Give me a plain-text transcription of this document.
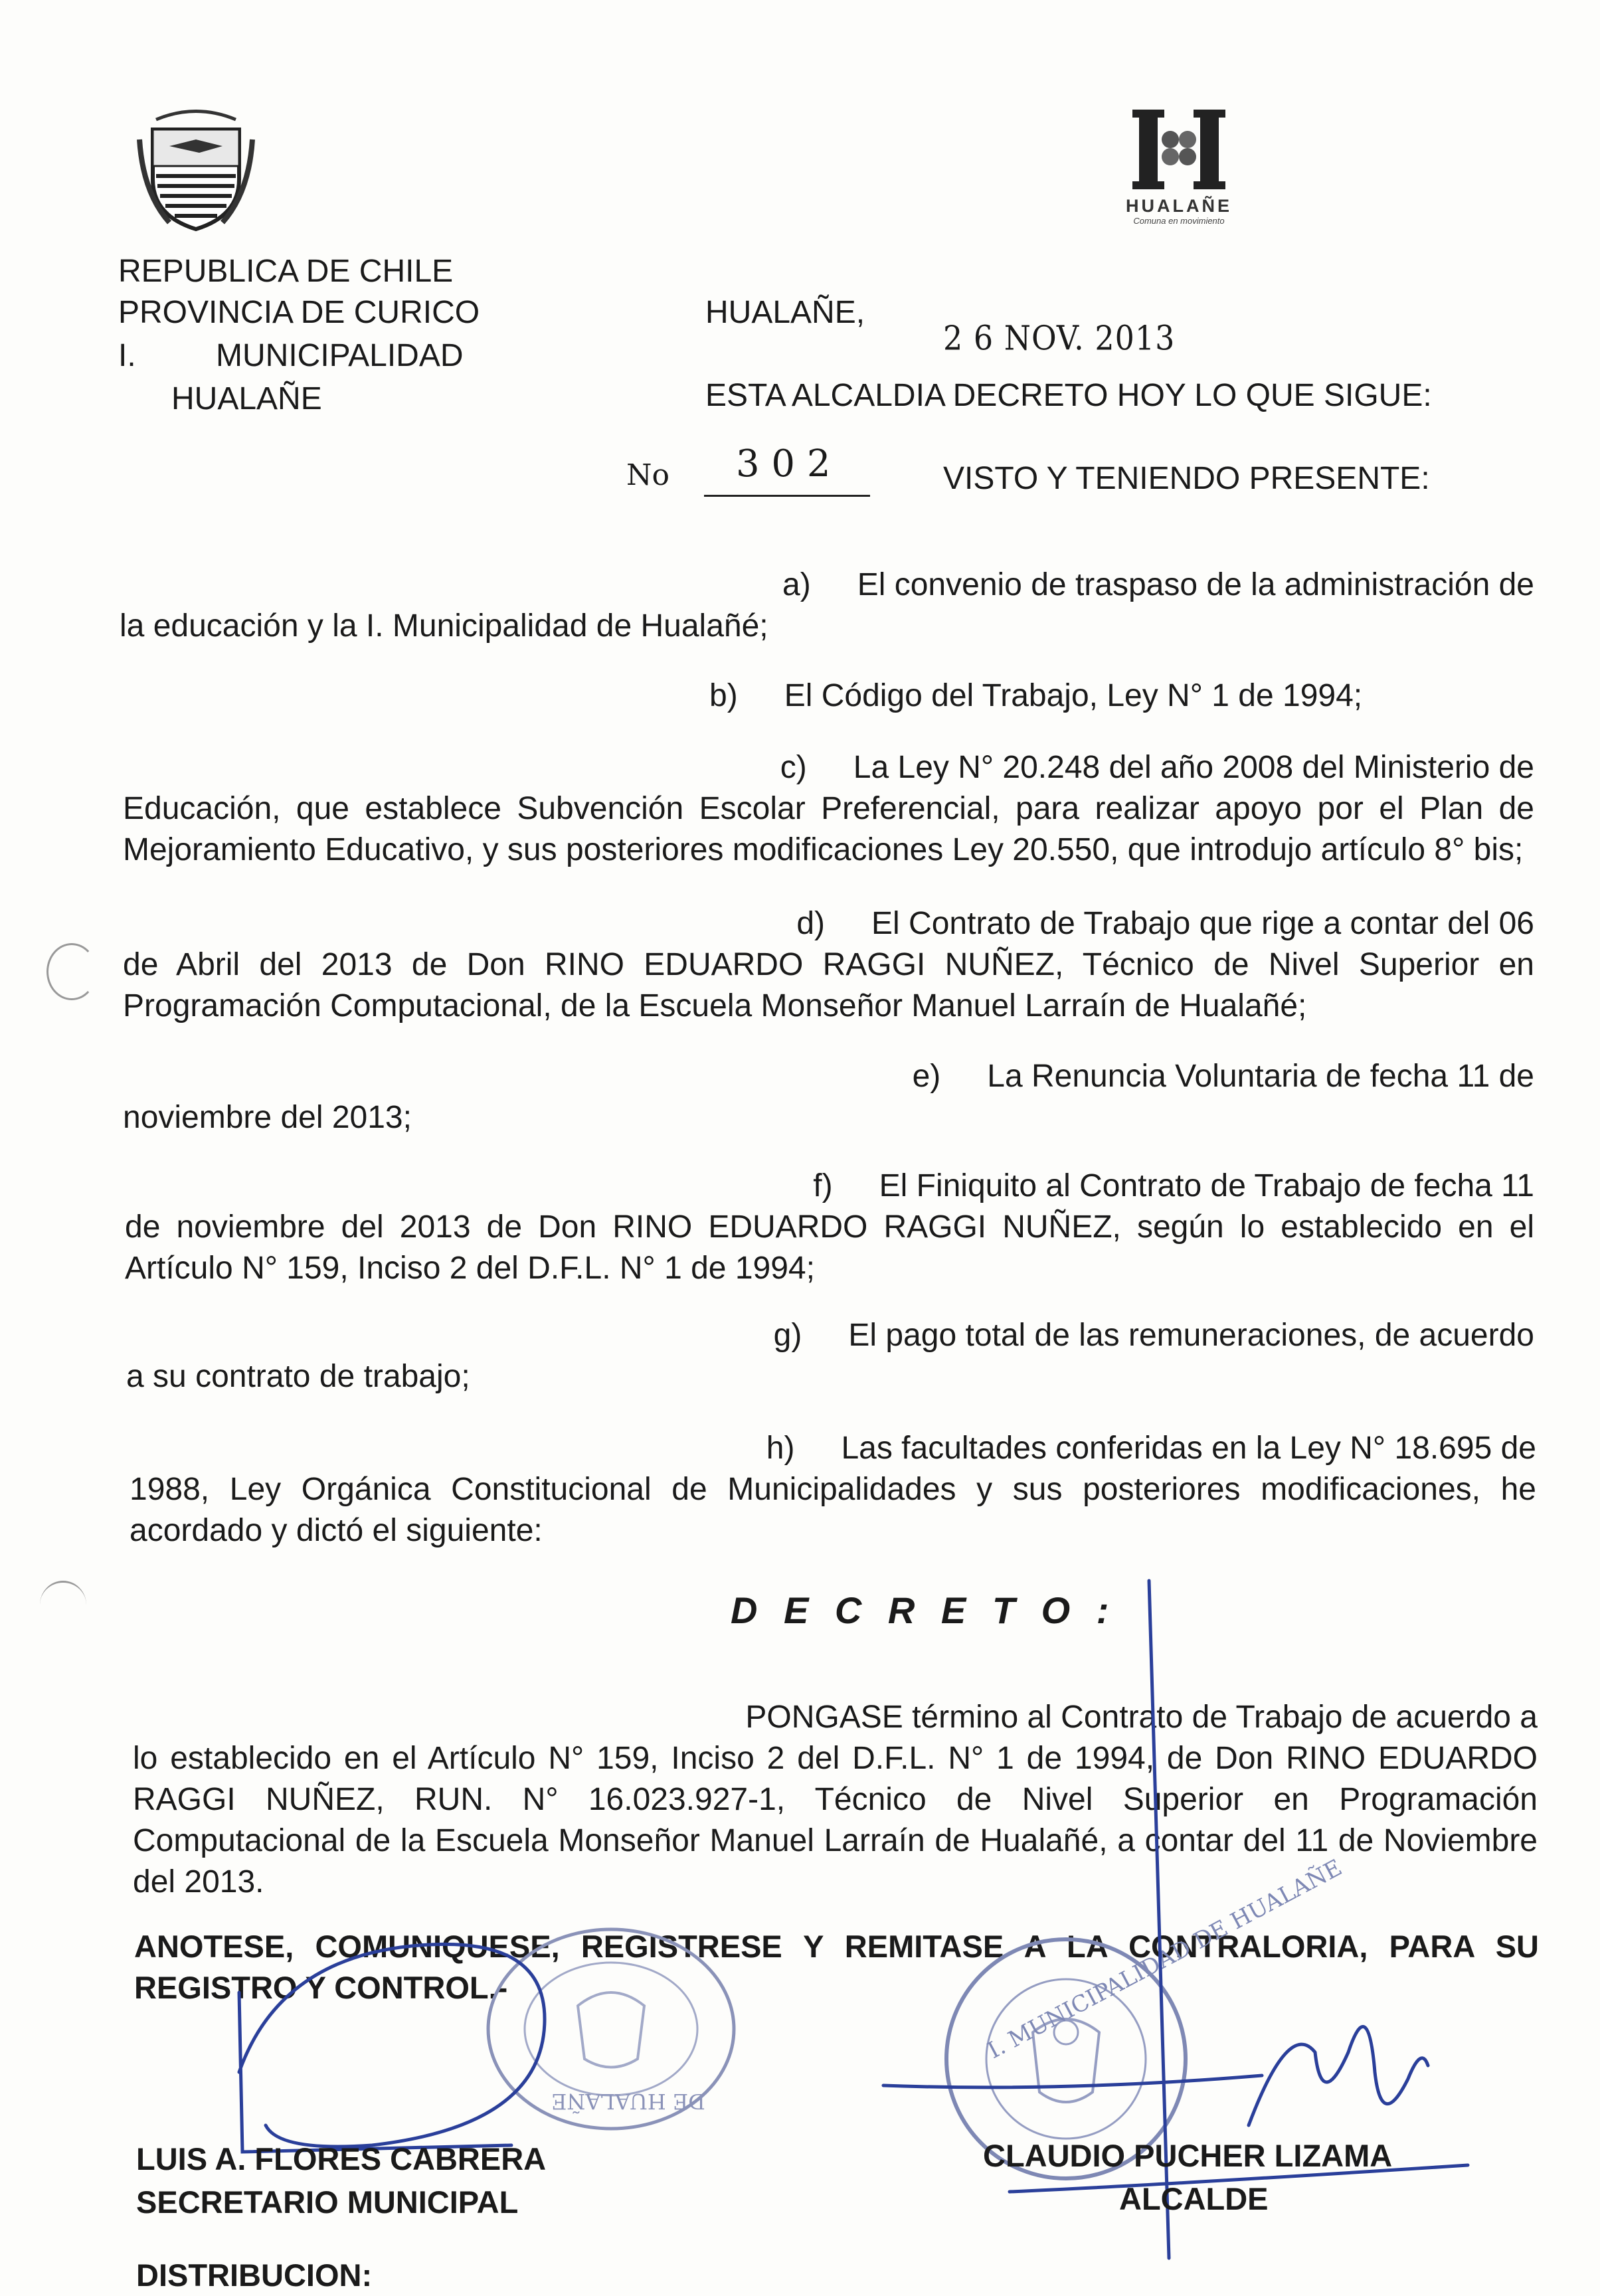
HUALAÑE
Comuna en movimiento
REPUBLICA DE CHILE
PROVINCIA DE CURICO
I.	MUNICIPALIDAD
HUALAÑE
HUALAÑE,
2 6 NOV. 2013
ESTA ALCALDIA DECRETO HOY LO QUE SIGUE:
No 3 0 2	VISTO Y TENIENDO PRESENTE:
a) El convenio de traspaso de la administración de
la educación y la I. Municipalidad de Hualañé;
b) El Código del Trabajo, Ley N° 1 de 1994;
c) La Ley N° 20.248 del año 2008 del Ministerio de
Educación, que establece Subvención Escolar Preferencial, para realizar apoyo por el Plan de Mejoramiento Educativo, y sus posteriores modificaciones Ley 20.550, que introdujo artículo 8° bis;
d) El Contrato de Trabajo que rige a contar del 06
de Abril del 2013 de Don RINO EDUARDO RAGGI NUÑEZ, Técnico de Nivel Superior en Programación Computacional, de la Escuela Monseñor Manuel Larraín de Hualañé;
e) La Renuncia Voluntaria de fecha 11 de
noviembre del 2013;
f) El Finiquito al Contrato de Trabajo de fecha 11
de noviembre del 2013 de Don RINO EDUARDO RAGGI NUÑEZ, según lo establecido en el Artículo N° 159, Inciso 2 del D.F.L. N° 1 de 1994;
g) El pago total de las remuneraciones, de acuerdo
a su contrato de trabajo;
h) Las facultades conferidas en la Ley N° 18.695 de
1988, Ley Orgánica Constitucional de Municipalidades y sus posteriores modificaciones, he acordado y dictó el siguiente:
D E C R E T O :
PONGASE término al Contrato de Trabajo de acuerdo a
lo establecido en el Artículo N° 159, Inciso 2 del D.F.L. N° 1 de 1994, de Don RINO EDUARDO RAGGI NUÑEZ, RUN. N° 16.023.927-1, Técnico de Nivel Superior en Programación Computacional de la Escuela Monseñor Manuel Larraín de Hualañé, a contar del 11 de Noviembre del 2013.
ANOTESE, COMUNIQUESE, REGISTRESE Y REMITASE A LA CONTRALORIA, PARA SU REGISTRO Y CONTROL.-
DE HUALAÑE
I. MUNICIPALIDAD DE HUALAÑE
LUIS A. FLORES CABRERA
SECRETARIO MUNICIPAL
CLAUDIO PUCHER LIZAMA
ALCALDE
DISTRIBUCION:
